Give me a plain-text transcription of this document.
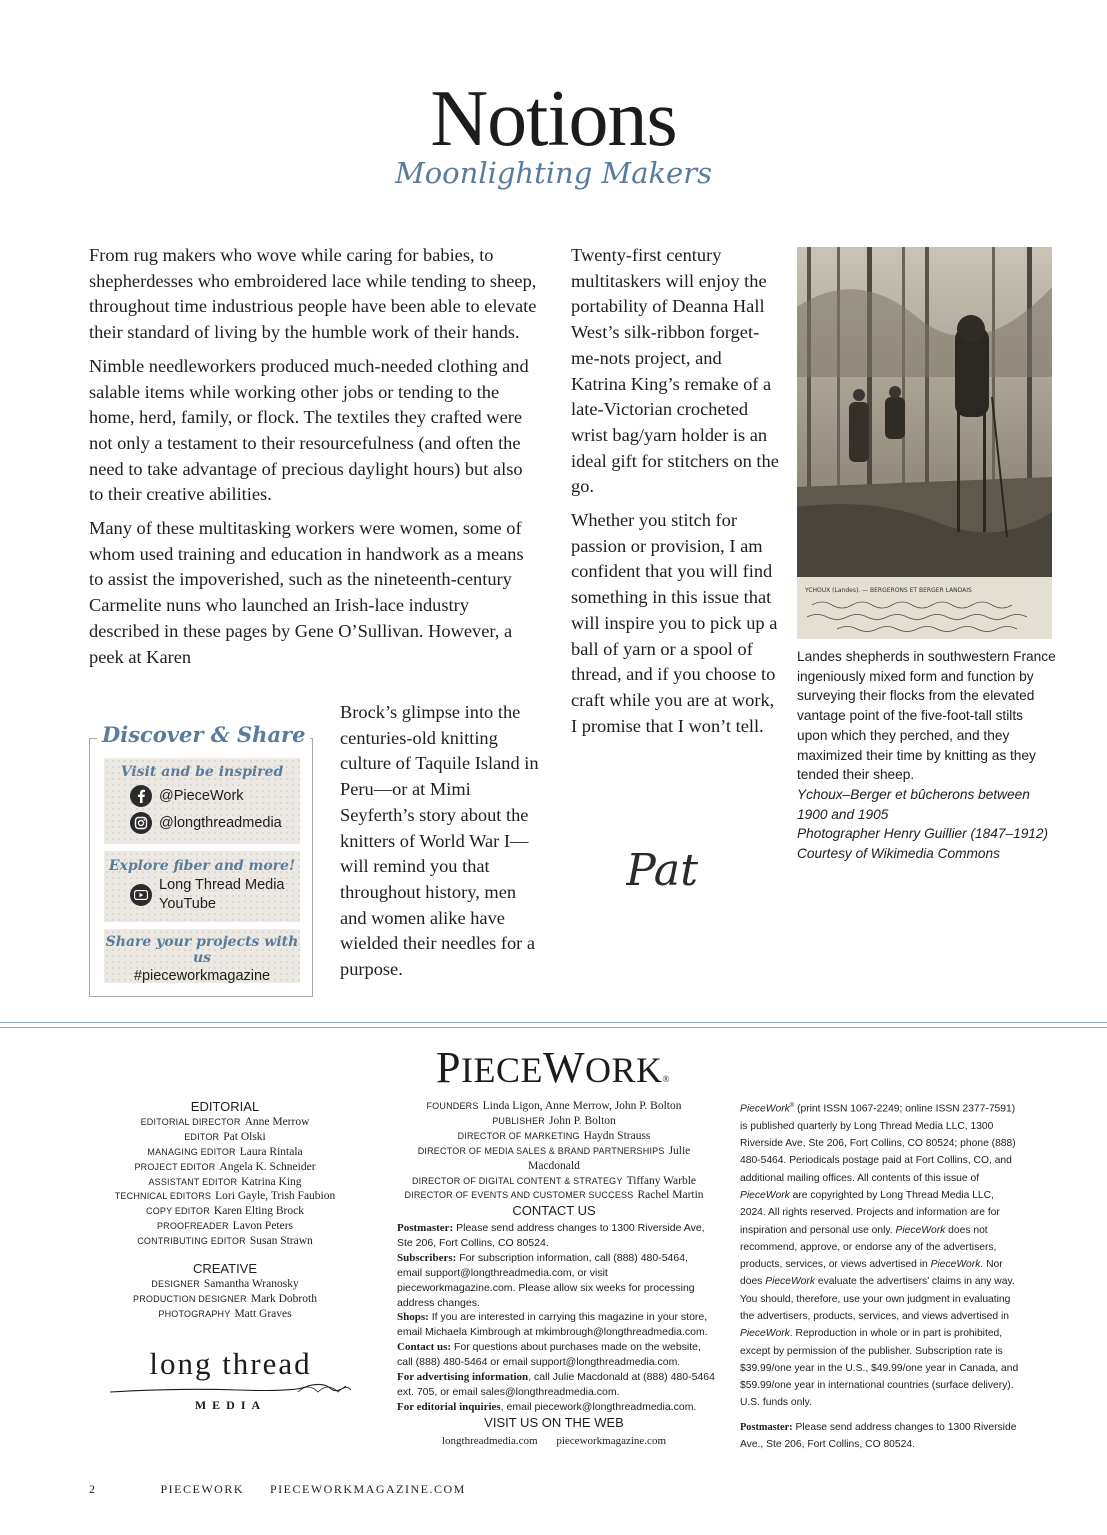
Notions
Moonlighting Makers

From rug makers who wove while caring for babies, to shepherdesses who embroidered lace while tending to sheep, throughout time industrious people have been able to elevate their standard of living by the humble work of their hands.

Nimble needleworkers produced much-needed clothing and salable items while working other jobs or tending to the home, herd, family, or flock. The textiles they crafted were not only a testament to their resourcefulness (and often the need to take advantage of precious daylight hours) but also to their creative abilities.

Many of these multitasking workers were women, some of whom used training and education in handwork as a means to assist the impoverished, such as the nineteenth-century Carmelite nuns who launched an Irish-lace industry described in these pages by Gene O’Sullivan. However, a peek at Karen

Brock’s glimpse into the centuries-old knitting culture of Taquile Island in Peru—or at Mimi Seyferth’s story about the knitters of World War I—will remind you that throughout history, men and women alike have wielded their needles for a purpose.
Discover & Share
Visit and be inspired
@PieceWork
@longthreadmedia
Explore fiber and more!
Long Thread Media
YouTube
Share your projects with us
#pieceworkmagazine

Twenty-first century multitaskers will enjoy the portability of Deanna Hall West’s silk-ribbon forget-me-nots project, and Katrina King’s remake of a late-Victorian crocheted wrist bag/yarn holder is an ideal gift for stitchers on the go.

Whether you stitch for passion or provision, I am confident that you will find something in this issue that will inspire you to pick up a ball of yarn or a spool of thread, and if you choose to craft while you are at work, I promise that I won’t tell.

Pat
YCHOUX (Landes). — BERGERONS ET BERGER LANDAIS
Landes shepherds in southwestern France ingeniously mixed form and function by surveying their flocks from the elevated vantage point of the five-foot-tall stilts upon which they perched, and they maximized their time by knitting as they tended their sheep.
Ychoux–Berger et bûcherons between 1900 and 1905
Photographer Henry Guillier (1847–1912)
Courtesy of Wikimedia Commons
PIECEWORK®
EDITORIAL
EDITORIAL DIRECTOR Anne Merrow
EDITOR Pat Olski
MANAGING EDITOR Laura Rintala
PROJECT EDITOR Angela K. Schneider
ASSISTANT EDITOR Katrina King
TECHNICAL EDITORS Lori Gayle, Trish Faubion
COPY EDITOR Karen Elting Brock
PROOFREADER Lavon Peters
CONTRIBUTING EDITOR Susan Strawn
CREATIVE
DESIGNER Samantha Wranosky
PRODUCTION DESIGNER Mark Dobroth
PHOTOGRAPHY Matt Graves
long thread
MEDIA
FOUNDERS Linda Ligon, Anne Merrow, John P. Bolton
PUBLISHER John P. Bolton
DIRECTOR OF MARKETING Haydn Strauss
DIRECTOR OF MEDIA SALES & BRAND PARTNERSHIPS Julie Macdonald
DIRECTOR OF DIGITAL CONTENT & STRATEGY Tiffany Warble
DIRECTOR OF EVENTS AND CUSTOMER SUCCESS Rachel Martin
CONTACT US
Postmaster: Please send address changes to 1300 Riverside Ave, Ste 206, Fort Collins, CO 80524.
Subscribers: For subscription information, call (888) 480-5464, email support@longthreadmedia.com, or visit pieceworkmagazine.com. Please allow six weeks for processing address changes.
Shops: If you are interested in carrying this magazine in your store, email Michaela Kimbrough at mkimbrough@longthreadmedia.com.
Contact us: For questions about purchases made on the website, call (888) 480-5464 or email support@longthreadmedia.com.
For advertising information, call Julie Macdonald at (888) 480-5464 ext. 705, or email sales@longthreadmedia.com.
For editorial inquiries, email piecework@longthreadmedia.com.
VISIT US ON THE WEB
longthreadmedia.com pieceworkmagazine.com

PieceWork® (print ISSN 1067-2249; online ISSN 2377-7591) is published quarterly by Long Thread Media LLC, 1300 Riverside Ave, Ste 206, Fort Collins, CO 80524; phone (888) 480-5464. Periodicals postage paid at Fort Collins, CO, and additional mailing offices. All contents of this issue of PieceWork are copyrighted by Long Thread Media LLC, 2024. All rights reserved. Projects and information are for inspiration and personal use only. PieceWork does not recommend, approve, or endorse any of the advertisers, products, services, or views advertised in PieceWork. Nor does PieceWork evaluate the advertisers’ claims in any way. You should, therefore, use your own judgment in evaluating the advertisers, products, services, and views advertised in PieceWork. Reproduction in whole or in part is prohibited, except by permission of the publisher. Subscription rate is $39.99/one year in the U.S., $49.99/one year in Canada, and $59.99/one year in international countries (surface delivery). U.S. funds only.

Postmaster: Please send address changes to 1300 Riverside Ave., Ste 206, Fort Collins, CO 80524.

2	PIECEWORK PIECEWORKMAGAZINE.COM
